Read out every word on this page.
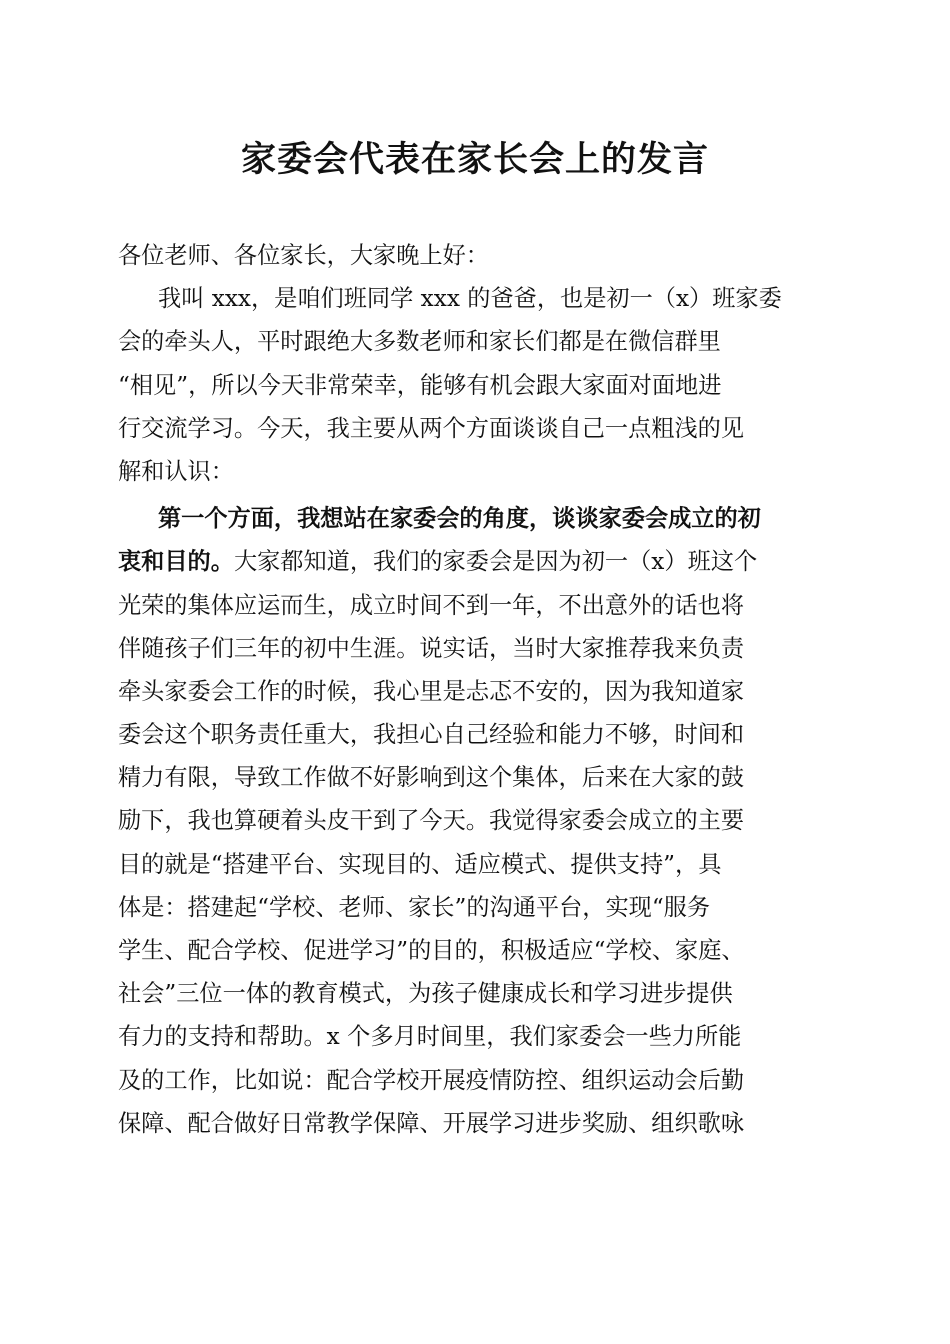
家委会代表在家长会上的发言
各位老师、各位家长，大家晚上好：
我叫 xxx，是咱们班同学 xxx 的爸爸，也是初一（x）班家委
会的牵头人，平时跟绝大多数老师和家长们都是在微信群里
“相见”，所以今天非常荣幸，能够有机会跟大家面对面地进
行交流学习。今天，我主要从两个方面谈谈自己一点粗浅的见
解和认识：
第一个方面，我想站在家委会的角度，谈谈家委会成立的初
衷和目的。大家都知道，我们的家委会是因为初一（x）班这个
光荣的集体应运而生，成立时间不到一年，不出意外的话也将
伴随孩子们三年的初中生涯。说实话，当时大家推荐我来负责
牵头家委会工作的时候，我心里是忐忑不安的，因为我知道家
委会这个职务责任重大，我担心自己经验和能力不够，时间和
精力有限，导致工作做不好影响到这个集体，后来在大家的鼓
励下，我也算硬着头皮干到了今天。我觉得家委会成立的主要
目的就是“搭建平台、实现目的、适应模式、提供支持”，具
体是：搭建起“学校、老师、家长”的沟通平台，实现“服务
学生、配合学校、促进学习”的目的，积极适应“学校、家庭、
社会”三位一体的教育模式，为孩子健康成长和学习进步提供
有力的支持和帮助。x 个多月时间里，我们家委会一些力所能
及的工作，比如说：配合学校开展疫情防控、组织运动会后勤
保障、配合做好日常教学保障、开展学习进步奖励、组织歌咏
